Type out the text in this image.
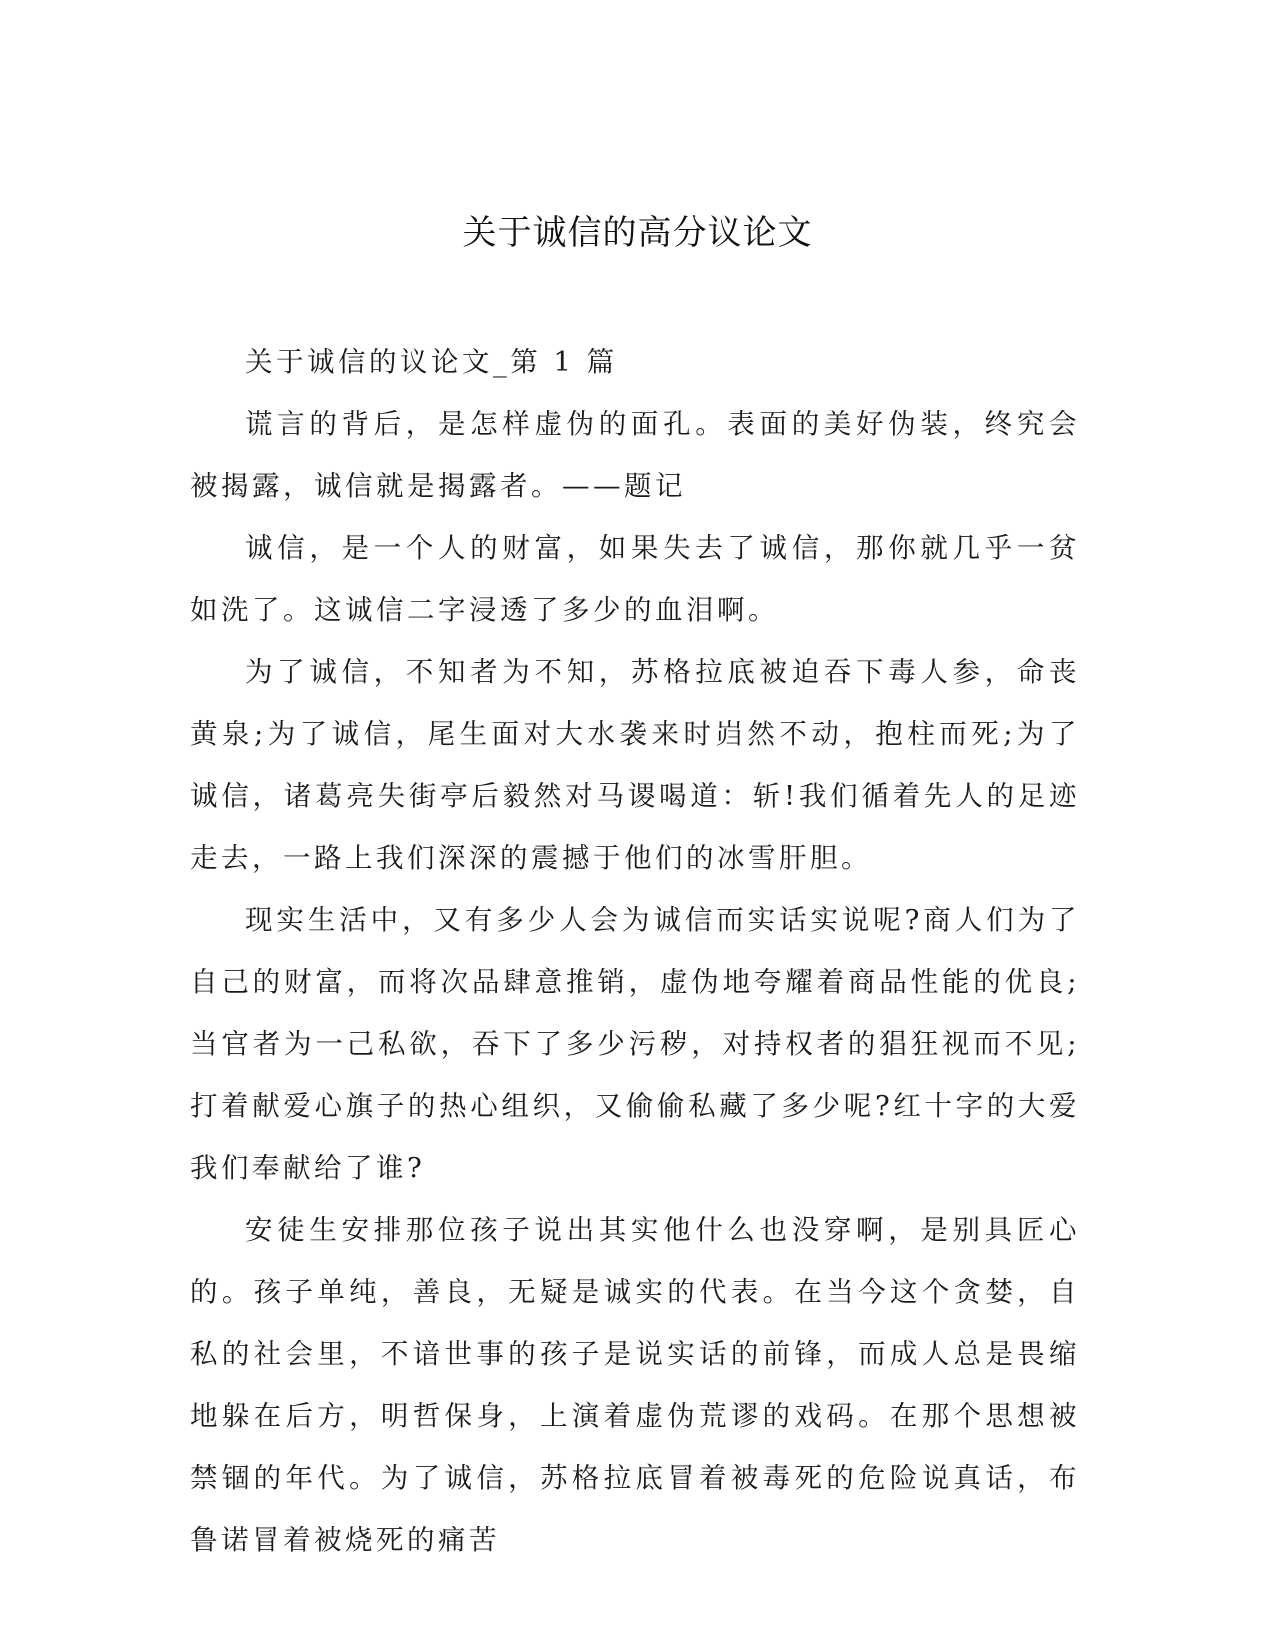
关于诚信的高分议论文

关于诚信的议论文_第 1 篇

谎言的背后，是怎样虚伪的面孔。表面的美好伪装，终究会被揭露，诚信就是揭露者。——题记

诚信，是一个人的财富，如果失去了诚信，那你就几乎一贫如洗了。这诚信二字浸透了多少的血泪啊。

为了诚信，不知者为不知，苏格拉底被迫吞下毒人参，命丧黄泉;为了诚信，尾生面对大水袭来时岿然不动，抱柱而死;为了诚信，诸葛亮失街亭后毅然对马谡喝道：斩!我们循着先人的足迹走去，一路上我们深深的震撼于他们的冰雪肝胆。

现实生活中，又有多少人会为诚信而实话实说呢?商人们为了自己的财富，而将次品肆意推销，虚伪地夸耀着商品性能的优良;当官者为一己私欲，吞下了多少污秽，对持权者的猖狂视而不见;打着献爱心旗子的热心组织，又偷偷私藏了多少呢?红十字的大爱我们奉献给了谁?

安徒生安排那位孩子说出其实他什么也没穿啊，是别具匠心的。孩子单纯，善良，无疑是诚实的代表。在当今这个贪婪，自私的社会里，不谙世事的孩子是说实话的前锋，而成人总是畏缩地躲在后方，明哲保身，上演着虚伪荒谬的戏码。在那个思想被禁锢的年代。为了诚信，苏格拉底冒着被毒死的危险说真话，布鲁诺冒着被烧死的痛苦
